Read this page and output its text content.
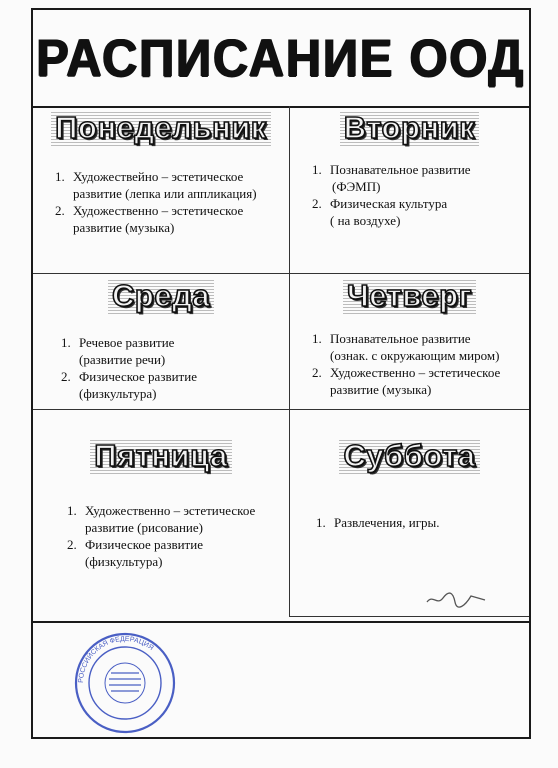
РАСПИСАНИЕ ООД
Понедельник
1. Художествейно – эстетическое
развитие (лепка или аппликация)
2. Художественно – эстетическое
развитие (музыка)
Вторник
1. Познавательное развитие
(ФЭМП)
2. Физическая культура
( на воздухе)
Среда
1. Речевое развитие
(развитие речи)
2. Физическое развитие
(физкультура)
Четверг
1. Познавательное развитие
(ознак. с окружающим миром)
2. Художественно – эстетическое
развитие (музыка)
Пятница
1. Художественно – эстетическое
развитие (рисование)
2. Физическое развитие
(физкультура)
Суббота
1. Развлечения, игры.
РОССИЙСКАЯ ФЕДЕРАЦИЯ
